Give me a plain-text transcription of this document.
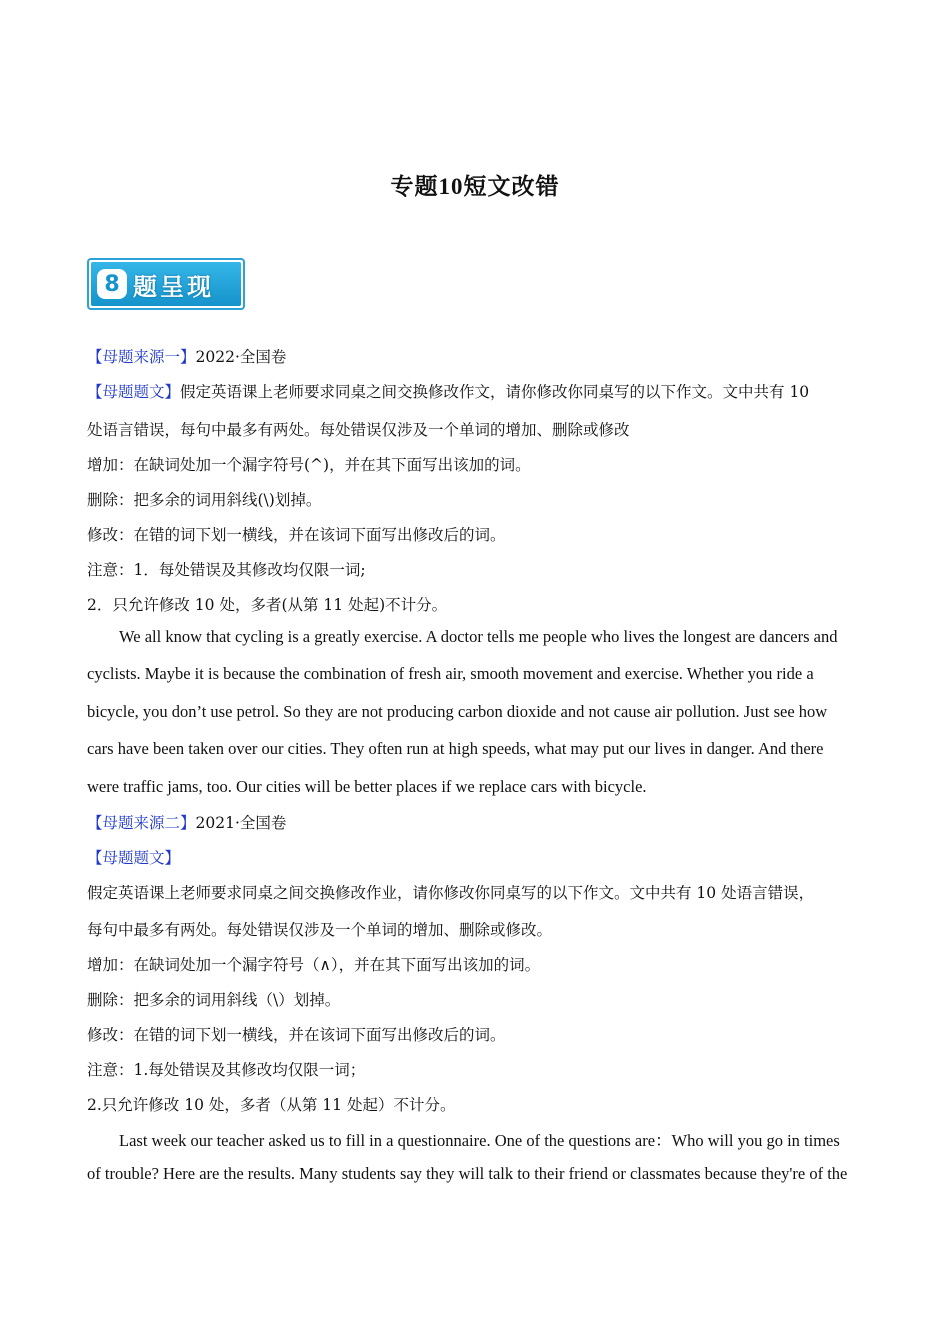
专题10短文改错
8 题呈现
【母题来源一】2022·全国卷
【母题题文】假定英语课上老师要求同桌之间交换修改作文，请你修改你同桌写的以下作文。文中共有 10
处语言错误，每句中最多有两处。每处错误仅涉及一个单词的增加、删除或修改
增加：在缺词处加一个漏字符号(^)，并在其下面写出该加的词。
删除：把多余的词用斜线(\)划掉。
修改：在错的词下划一横线，并在该词下面写出修改后的词。
注意：1．每处错误及其修改均仅限一词;
2．只允许修改 10 处，多者(从第 11 处起)不计分。
We all know that cycling is a greatly exercise. A doctor tells me people who lives the longest are dancers and
cyclists. Maybe it is because the combination of fresh air, smooth movement and exercise. Whether you ride a
bicycle, you don’t use petrol. So they are not producing carbon dioxide and not cause air pollution. Just see how
cars have been taken over our cities. They often run at high speeds, what may put our lives in danger. And there
were traffic jams, too. Our cities will be better places if we replace cars with bicycle.
【母题来源二】2021·全国卷
【母题题文】
假定英语课上老师要求同桌之间交换修改作业，请你修改你同桌写的以下作文。文中共有 10 处语言错误，
每句中最多有两处。每处错误仅涉及一个单词的增加、删除或修改。
增加：在缺词处加一个漏字符号（∧），并在其下面写出该加的词。
删除：把多余的词用斜线（\）划掉。
修改：在错的词下划一横线，并在该词下面写出修改后的词。
注意：1.每处错误及其修改均仅限一词；
2.只允许修改 10 处，多者（从第 11 处起）不计分。
Last week our teacher asked us to fill in a questionnaire. One of the questions are：Who will you go in times
of trouble? Here are the results. Many students say they will talk to their friend or classmates because they're of the
